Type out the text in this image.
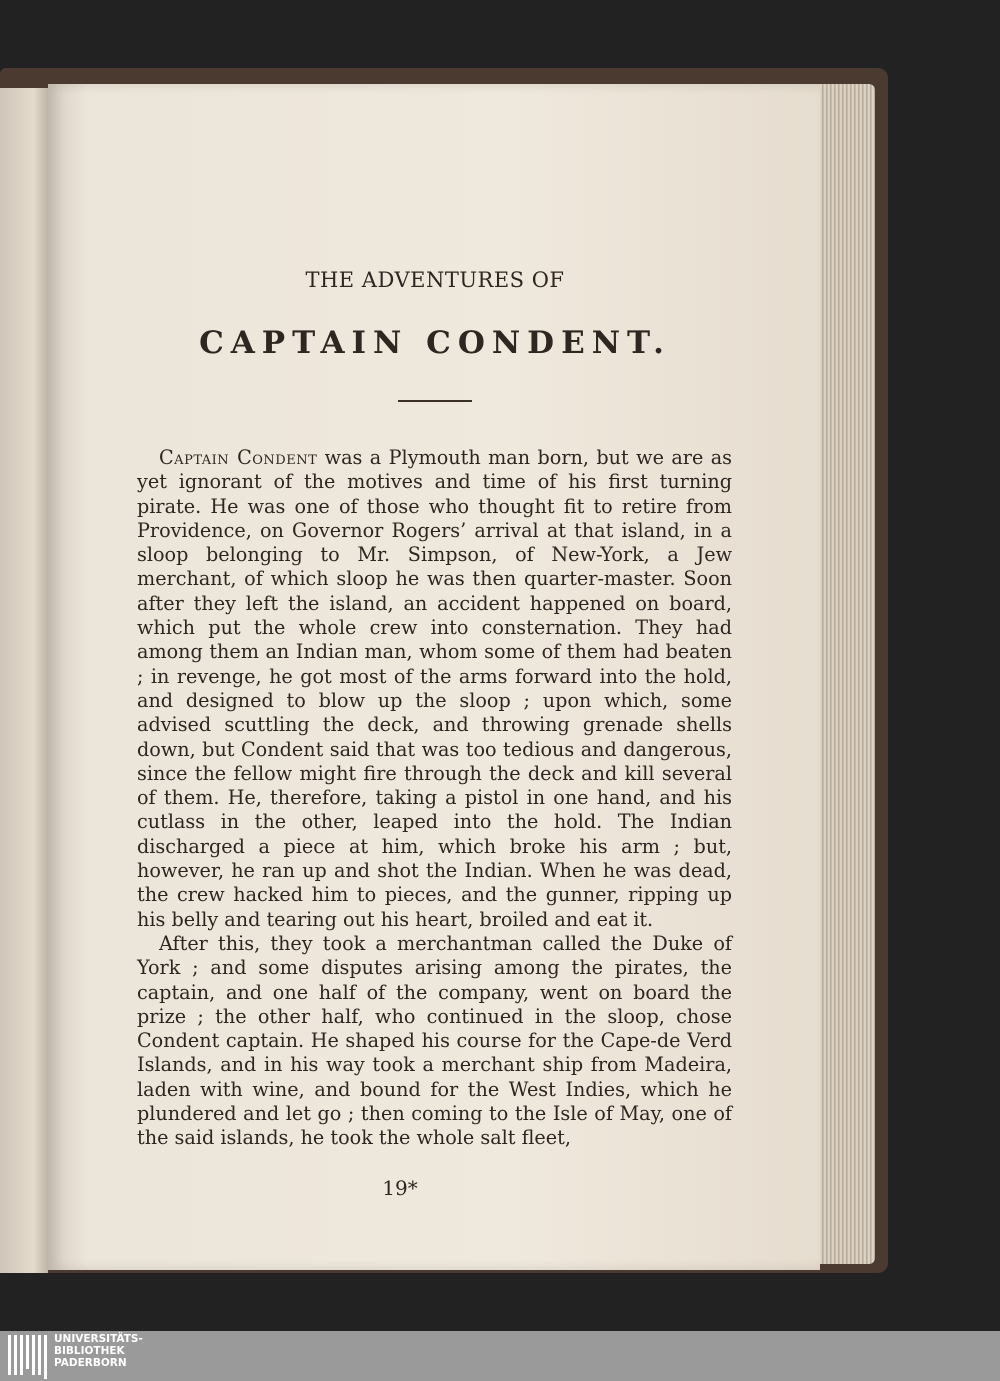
THE ADVENTURES OF
CAPTAIN CONDENT.

Captain Condent was a Plymouth man born, but we are as yet ignorant of the motives and time of his first turning pirate. He was one of those who thought fit to retire from Providence, on Governor Rogers’ arrival at that island, in a sloop belonging to Mr. Simpson, of New-York, a Jew merchant, of which sloop he was then quarter-master. Soon after they left the island, an accident happened on board, which put the whole crew into consternation. They had among them an Indian man, whom some of them had beaten ; in revenge, he got most of the arms forward into the hold, and designed to blow up the sloop ; upon which, some advised scuttling the deck, and throwing grenade shells down, but Condent said that was too tedious and dangerous, since the fellow might fire through the deck and kill several of them. He, therefore, taking a pistol in one hand, and his cutlass in the other, leaped into the hold. The Indian discharged a piece at him, which broke his arm ; but, however, he ran up and shot the Indian. When he was dead, the crew hacked him to pieces, and the gunner, ripping up his belly and tearing out his heart, broiled and eat it.

After this, they took a merchantman called the Duke of York ; and some disputes arising among the pirates, the captain, and one half of the company, went on board the prize ; the other half, who continued in the sloop, chose Condent captain. He shaped his course for the Cape-de Verd Islands, and in his way took a merchant ship from Madeira, laden with wine, and bound for the West Indies, which he plundered and let go ; then coming to the Isle of May, one of the said islands, he took the whole salt fleet,

19*
UNIVERSITÄTS-
BIBLIOTHEK
PADERBORN
